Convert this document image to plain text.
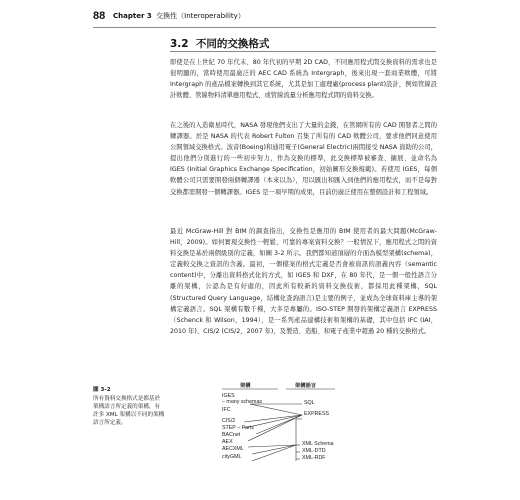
88 Chapter 3 交換性（Interoperability）
3.2 不同的交換格式
即使是在上世紀 70 年代末、80 年代初的早期 2D CAD，不同應用程式間交換資料的需求也是很明顯的，當時使用最廣泛的 AEC CAD 系統為 Intergraph，後來出現一套商業軟體，可將 Intergraph 的產品檔案轉換到其它系統，尤其是加工處理廠(process plant)設計，例如管線設計軟體、管線物料清單應用程式、或管線流量分析應用程式間的資料交換。
在之後的入造衛星時代，NASA 發現他們支出了大量的金錢，在管網所有的 CAD 開發者之間的轉譯器。於是 NASA 的代表 Robert Fulton 召集了所有的 CAD 軟體公司，要求他們同意使用公開領域交換格式。波音(Boeing)和通用電子(General Electric)兩間接受 NASA 資助的公司，提出他們分別進行的一些初步努力，作為交換的標準，此交換標準被審查、擴展、並命名為 IGES (Initial Graphics Exchange Specification，初始圖形交換規範)。若使用 IGES，每個軟體公司只需要開發兩個轉譯器（本來以為），用以匯出和匯入到他們的應用程式，而不是每對交換都需開發一個轉譯器。IGES 是一項早期的成果，目前仍廣泛使用在整個設計和工程領域。
最近 McGraw-Hill 對 BIM 的調查指出，交換性是應用的 BIM 使用者的最大問題(McGraw-Hill，2009)。如何實現交換性一輕鬆，可靠的專案資料交換？一般情況下，應用程式之間的資料交換是基於兩個級別的定義，如圖 3-2 所示。我們都知道頂層的介面為模型架構(schema)，定義較交換之資訊的含義。最初，一個檔案的格式定義是否會被資訊的語義內容（semantic content)中，分離出資料格式化的方式，如 IGES 和 DXF，在 80 年代，是一個一般性語言分離的架構，公認為是有好處的，因此所有較新的資料交換技術，都採用此種架構，SQL (Structured Query Language，結構化查詢語言)是主要的例子，並成為全球資料庫主導的架構定義語言。SQL 架構有數千種，大多是專屬的。ISO-STEP 開發的架構定義語言 EXPRESS（Schenck 和 Wilson，1994），是一系列產品建構技術和架構的基礎，其中包括 IFC (IAI，2010 年)、CIS/2 (CIS/2，2007 年)，及製造、造船、和電子產業中超過 20 種的交換格式。
圖 3-2
所有資料交換格式是都基於架構語言所定義的架構，有許多 XML 架構以不同的架構語言所定義。
架構	架構語言
IGES
– many schemas
IFC
CIS/2
STEP – Parts
BACnet
AEX
AECXML
cityGML
SQL
EXPRESS
XML Schema
XML-DTD
XML-RDF
